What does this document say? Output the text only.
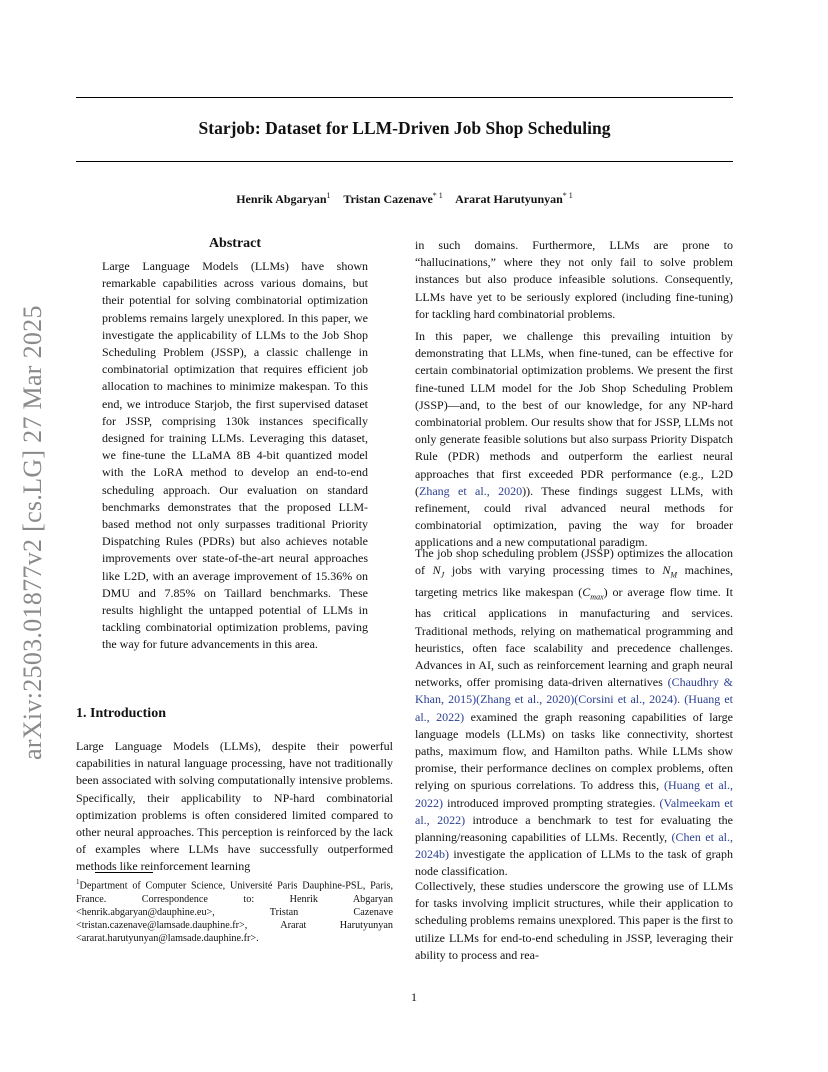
Starjob: Dataset for LLM-Driven Job Shop Scheduling
Henrik Abgaryan$^1$ Tristan Cazenave$^{* 1}$ Ararat Harutyunyan$^{* 1}$
arXiv:2503.01877v2 [cs.LG] 27 Mar 2025
Abstract
Large Language Models (LLMs) have shown remarkable capabilities across various domains, but their potential for solving combinatorial optimization problems remains largely unexplored. In this paper, we investigate the applicability of LLMs to the Job Shop Scheduling Problem (JSSP), a classic challenge in combinatorial optimization that requires efficient job allocation to machines to minimize makespan. To this end, we introduce Starjob, the first supervised dataset for JSSP, comprising 130k instances specifically designed for training LLMs. Leveraging this dataset, we fine-tune the LLaMA 8B 4-bit quantized model with the LoRA method to develop an end-to-end scheduling approach. Our evaluation on standard benchmarks demonstrates that the proposed LLM-based method not only surpasses traditional Priority Dispatching Rules (PDRs) but also achieves notable improvements over state-of-the-art neural approaches like L2D, with an average improvement of 15.36% on DMU and 7.85% on Taillard benchmarks. These results highlight the untapped potential of LLMs in tackling combinatorial optimization problems, paving the way for future advancements in this area.
1. Introduction
Large Language Models (LLMs), despite their powerful capabilities in natural language processing, have not traditionally been associated with solving computationally intensive problems. Specifically, their applicability to NP-hard combinatorial optimization problems is often considered limited compared to other neural approaches. This perception is reinforced by the lack of examples where LLMs have successfully outperformed methods like reinforcement learning
$^1$Department of Computer Science, Université Paris Dauphine-PSL, Paris, France. Correspondence to: Henrik Abgaryan <henrik.abgaryan@dauphine.eu>, Tristan Cazenave <tristan.cazenave@lamsade.dauphine.fr>, Ararat Harutyunyan <ararat.harutyunyan@lamsade.dauphine.fr>.
in such domains. Furthermore, LLMs are prone to “hallucinations,” where they not only fail to solve problem instances but also produce infeasible solutions. Consequently, LLMs have yet to be seriously explored (including fine-tuning) for tackling hard combinatorial problems.
In this paper, we challenge this prevailing intuition by demonstrating that LLMs, when fine-tuned, can be effective for certain combinatorial optimization problems. We present the first fine-tuned LLM model for the Job Shop Scheduling Problem (JSSP)—and, to the best of our knowledge, for any NP-hard combinatorial problem. Our results show that for JSSP, LLMs not only generate feasible solutions but also surpass Priority Dispatch Rule (PDR) methods and outperform the earliest neural approaches that first exceeded PDR performance (e.g., L2D (Zhang et al., 2020)). These findings suggest LLMs, with refinement, could rival advanced neural methods for combinatorial optimization, paving the way for broader applications and a new computational paradigm.
The job shop scheduling problem (JSSP) optimizes the allocation of $N_J$ jobs with varying processing times to $N_M$ machines, targeting metrics like makespan $(C_{max})$ or average flow time. It has critical applications in manufacturing and services. Traditional methods, relying on mathematical programming and heuristics, often face scalability and precedence challenges. Advances in AI, such as reinforcement learning and graph neural networks, offer promising data-driven alternatives (Chaudhry & Khan, 2015)(Zhang et al., 2020)(Corsini et al., 2024). (Huang et al., 2022) examined the graph reasoning capabilities of large language models (LLMs) on tasks like connectivity, shortest paths, maximum flow, and Hamilton paths. While LLMs show promise, their performance declines on complex problems, often relying on spurious correlations. To address this, (Huang et al., 2022) introduced improved prompting strategies. (Valmeekam et al., 2022) introduce a benchmark to test for evaluating the planning/reasoning capabilities of LLMs. Recently, (Chen et al., 2024b) investigate the application of LLMs to the task of graph node classification.
Collectively, these studies underscore the growing use of LLMs for tasks involving implicit structures, while their application to scheduling problems remains unexplored. This paper is the first to utilize LLMs for end-to-end scheduling in JSSP, leveraging their ability to process and rea-
1
